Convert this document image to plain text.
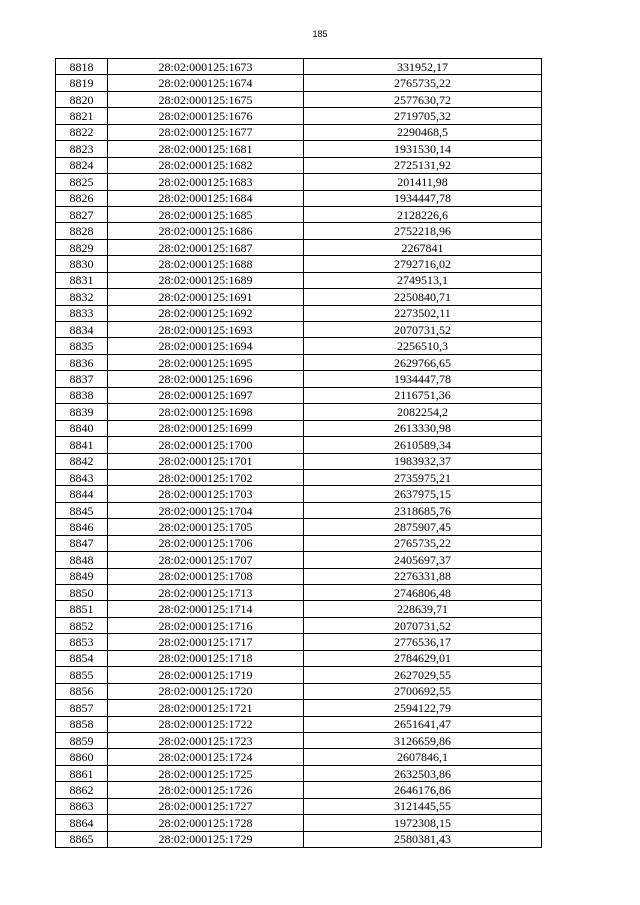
185
8818	28:02:000125:1673	331952,17
8819	28:02:000125:1674	2765735,22
8820	28:02:000125:1675	2577630,72
8821	28:02:000125:1676	2719705,32
8822	28:02:000125:1677	2290468,5
8823	28:02:000125:1681	1931530,14
8824	28:02:000125:1682	2725131,92
8825	28:02:000125:1683	201411,98
8826	28:02:000125:1684	1934447,78
8827	28:02:000125:1685	2128226,6
8828	28:02:000125:1686	2752218,96
8829	28:02:000125:1687	2267841
8830	28:02:000125:1688	2792716,02
8831	28:02:000125:1689	2749513,1
8832	28:02:000125:1691	2250840,71
8833	28:02:000125:1692	2273502,11
8834	28:02:000125:1693	2070731,52
8835	28:02:000125:1694	2256510,3
8836	28:02:000125:1695	2629766,65
8837	28:02:000125:1696	1934447,78
8838	28:02:000125:1697	2116751,36
8839	28:02:000125:1698	2082254,2
8840	28:02:000125:1699	2613330,98
8841	28:02:000125:1700	2610589,34
8842	28:02:000125:1701	1983932,37
8843	28:02:000125:1702	2735975,21
8844	28:02:000125:1703	2637975,15
8845	28:02:000125:1704	2318685,76
8846	28:02:000125:1705	2875907,45
8847	28:02:000125:1706	2765735,22
8848	28:02:000125:1707	2405697,37
8849	28:02:000125:1708	2276331,88
8850	28:02:000125:1713	2746806,48
8851	28:02:000125:1714	228639,71
8852	28:02:000125:1716	2070731,52
8853	28:02:000125:1717	2776536,17
8854	28:02:000125:1718	2784629,01
8855	28:02:000125:1719	2627029,55
8856	28:02:000125:1720	2700692,55
8857	28:02:000125:1721	2594122,79
8858	28:02:000125:1722	2651641,47
8859	28:02:000125:1723	3126659,86
8860	28:02:000125:1724	2607846,1
8861	28:02:000125:1725	2632503,86
8862	28:02:000125:1726	2646176,86
8863	28:02:000125:1727	3121445,55
8864	28:02:000125:1728	1972308,15
8865	28:02:000125:1729	2580381,43
